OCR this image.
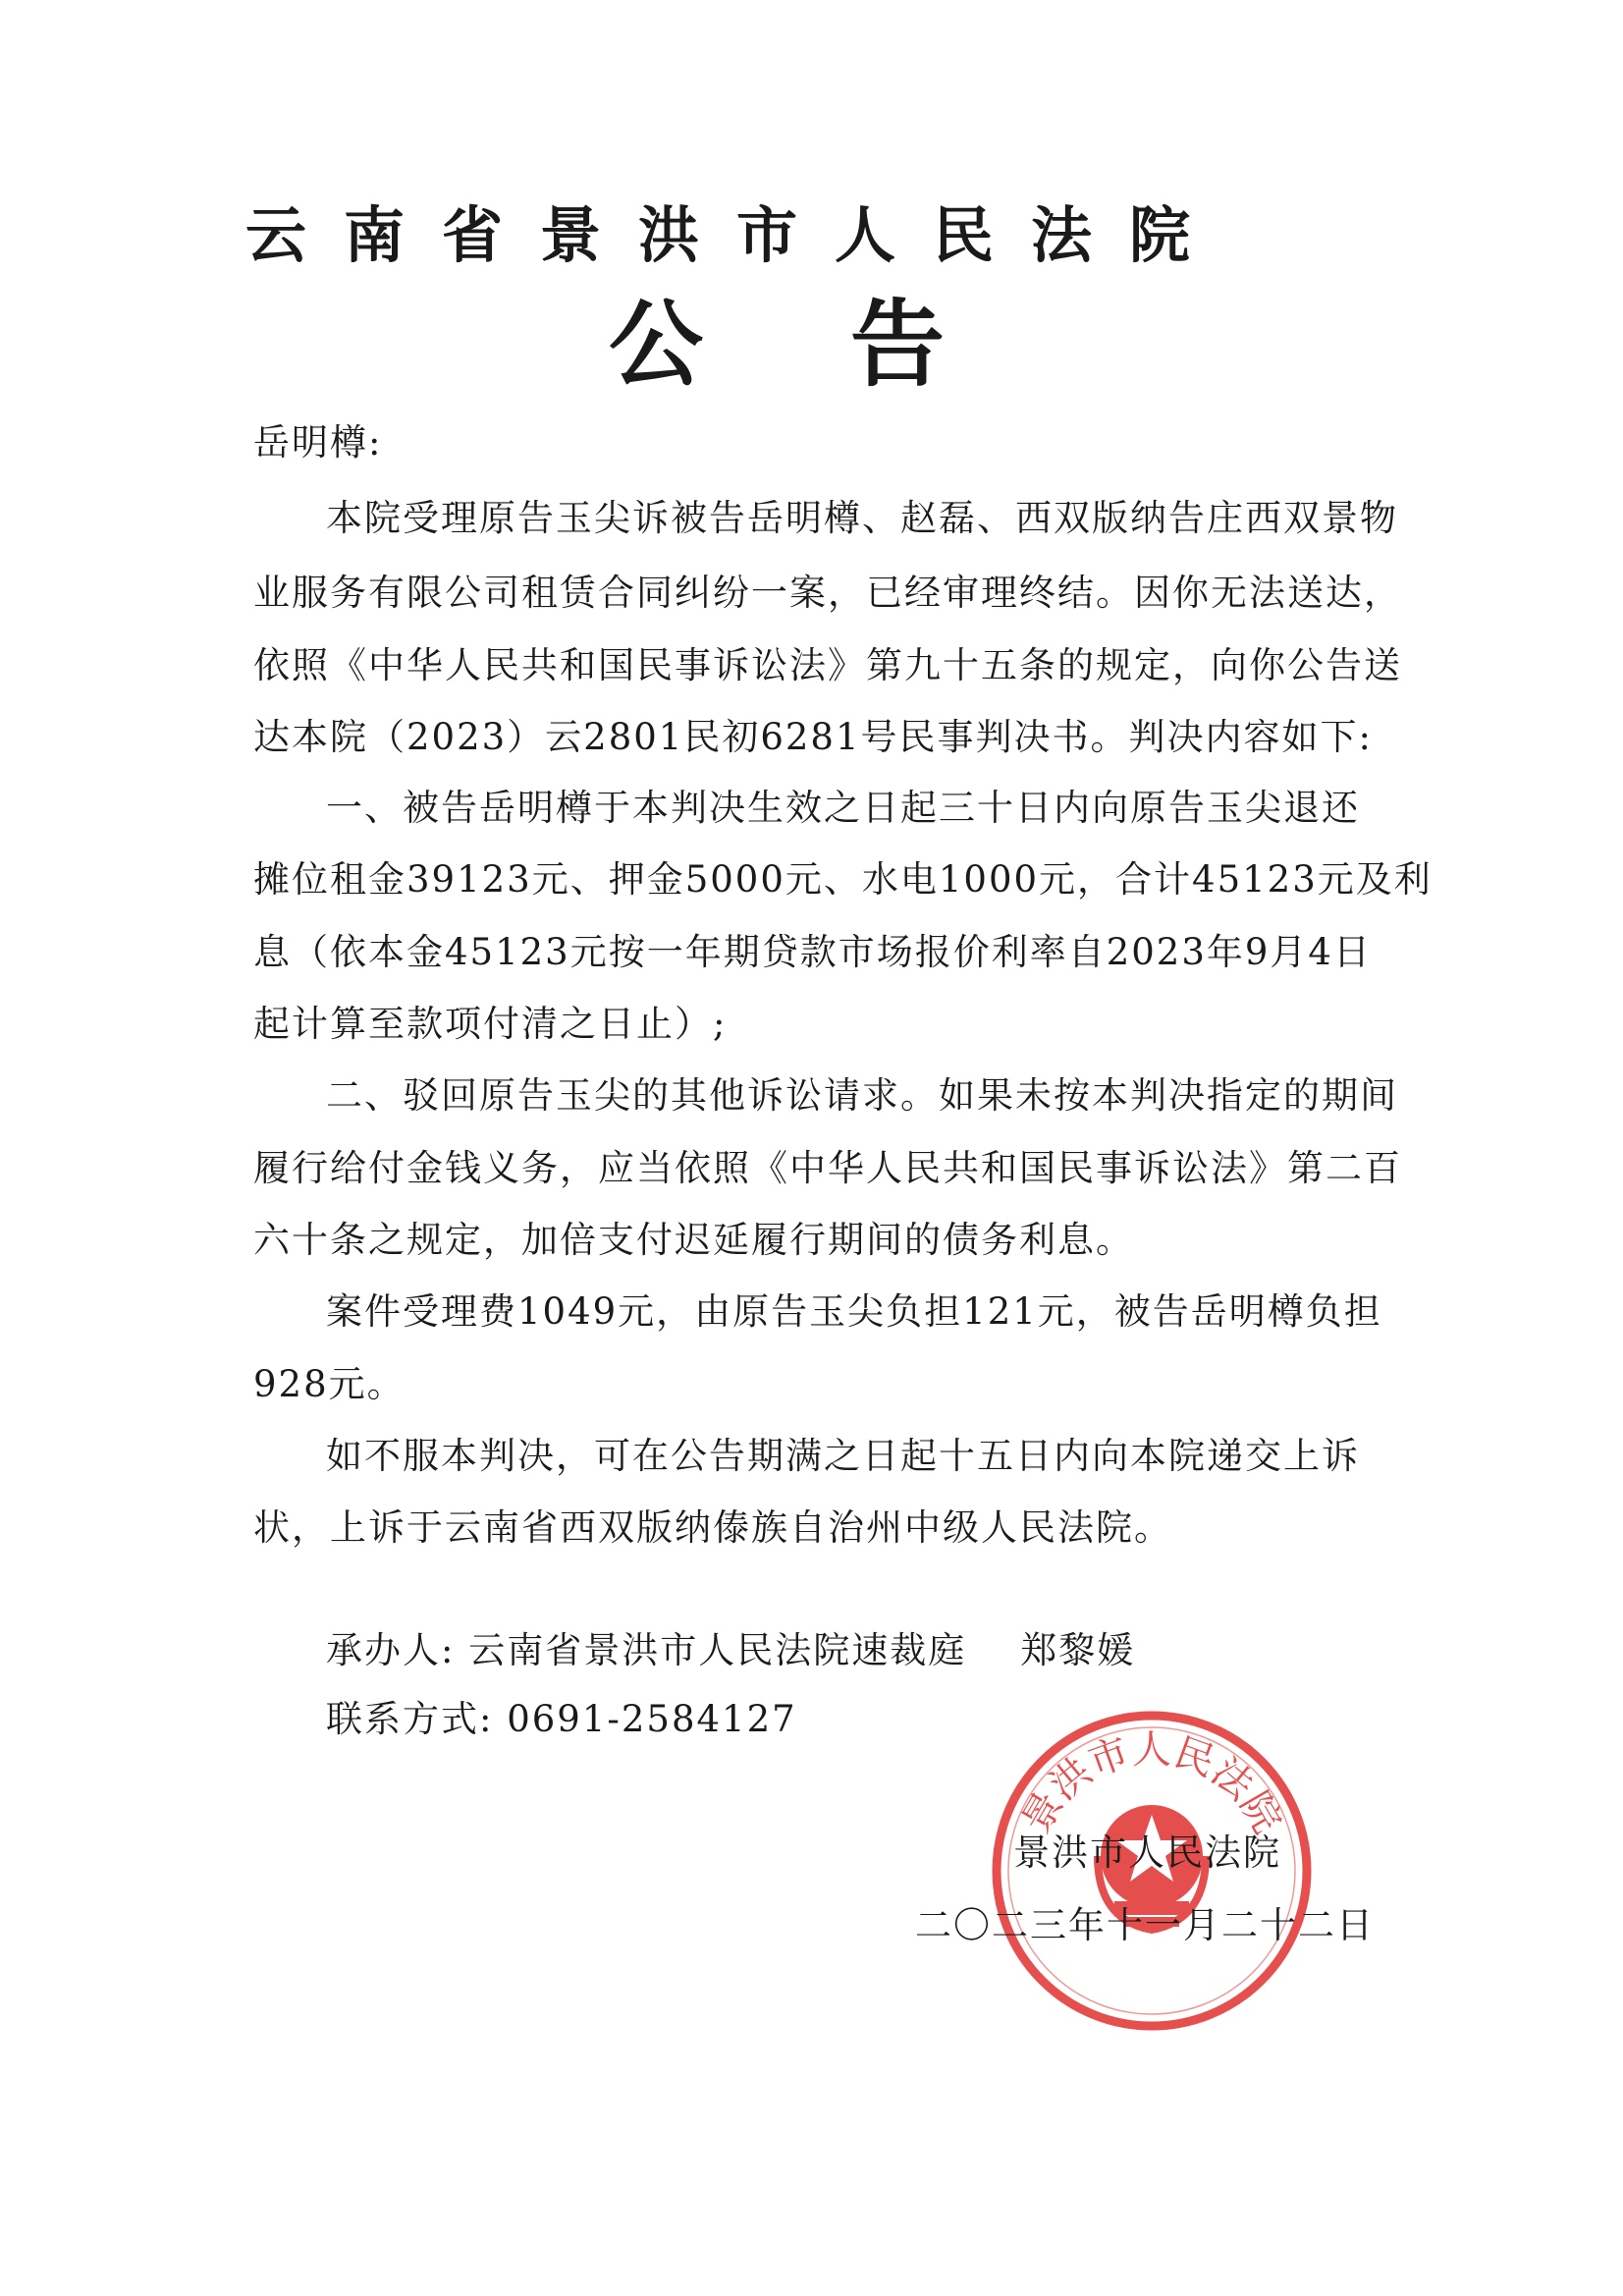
云南省景洪市人民法院
公告
岳明樽:
本院受理原告玉尖诉被告岳明樽、赵磊、西双版纳告庄西双景物
业服务有限公司租赁合同纠纷一案，已经审理终结。因你无法送达，
依照《中华人民共和国民事诉讼法》第九十五条的规定，向你公告送
达本院（2023）云2801民初6281号民事判决书。判决内容如下:
一、被告岳明樽于本判决生效之日起三十日内向原告玉尖退还
摊位租金39123元、押金5000元、水电1000元，合计45123元及利
息（依本金45123元按一年期贷款市场报价利率自2023年9月4日
起计算至款项付清之日止）;
二、驳回原告玉尖的其他诉讼请求。如果未按本判决指定的期间
履行给付金钱义务，应当依照《中华人民共和国民事诉讼法》第二百
六十条之规定，加倍支付迟延履行期间的债务利息。
案件受理费1049元，由原告玉尖负担121元，被告岳明樽负担
928元。
如不服本判决，可在公告期满之日起十五日内向本院递交上诉
状，上诉于云南省西双版纳傣族自治州中级人民法院。
承办人: 云南省景洪市人民法院速裁庭    郑黎媛
联系方式: 0691-2584127
景洪市人民法院
景洪市人民法院
二〇二三年十一月二十二日
